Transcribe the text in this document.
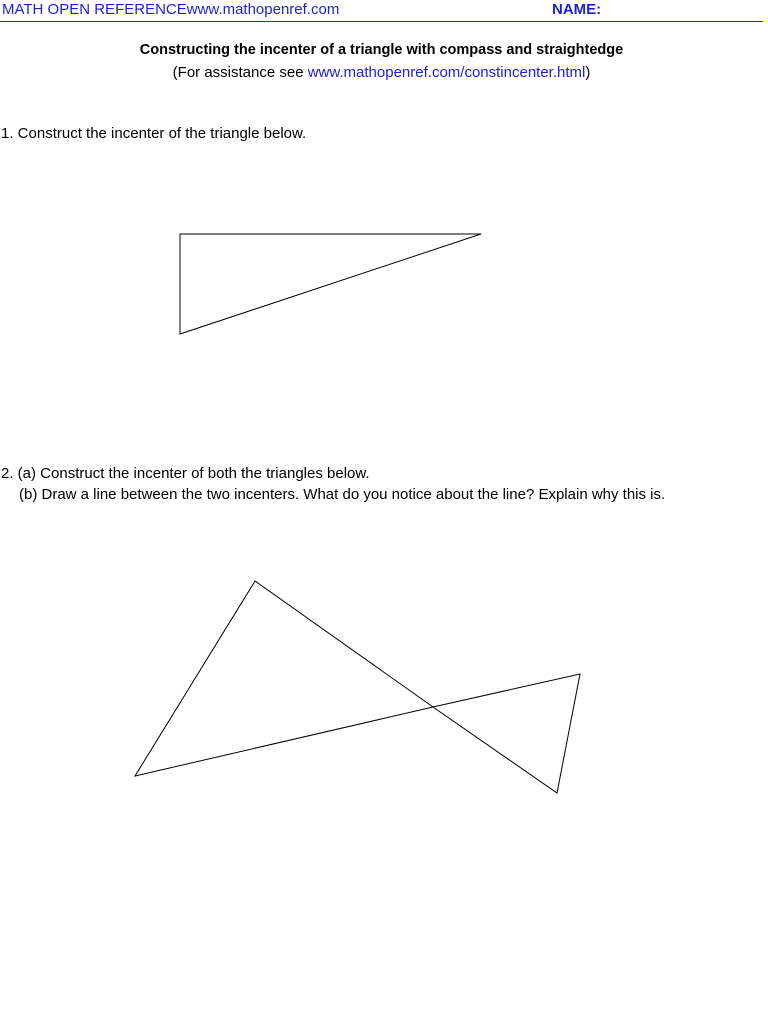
MATH OPEN REFERENCEwww.mathopenref.com	NAME:
Constructing the incenter of a triangle with compass and straightedge
(For assistance see www.mathopenref.com/constincenter.html)
1. Construct the incenter of the triangle below.
2. (a) Construct the incenter of both the triangles below.
(b) Draw a line between the two incenters. What do you notice about the line? Explain why this is.
